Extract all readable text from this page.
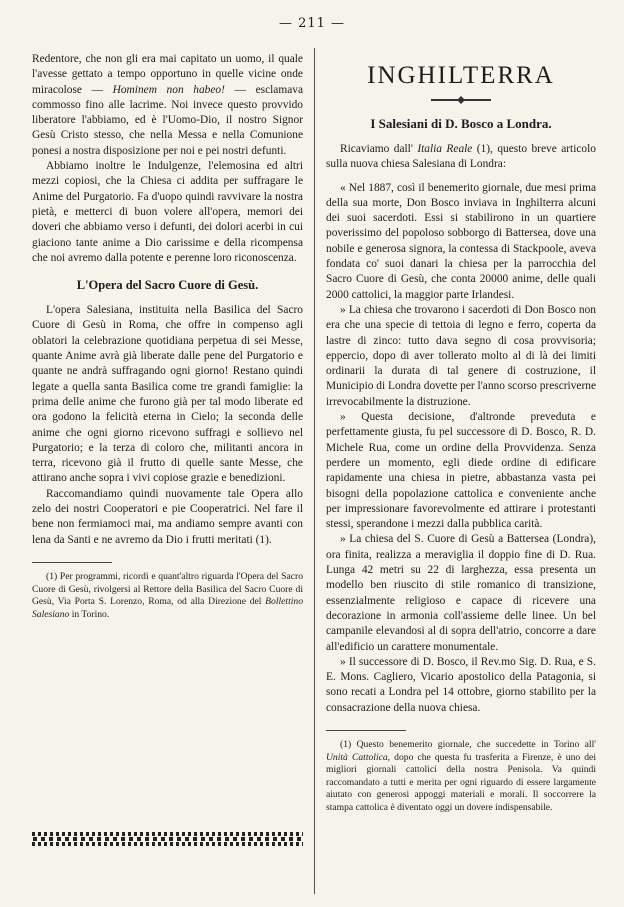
— 211 —

Redentore, che non gli era mai capitato un uomo, il quale l'avesse gettato a tempo opportuno in quelle vicine onde miracolose — Hominem non habeo! — esclamava commosso fino alle lacrime. Noi invece questo provvido liberatore l'abbiamo, ed è l'Uomo-Dio, il nostro Signor Gesù Cristo stesso, che nella Messa e nella Comunione ponesi a nostra disposizione per noi e pei nostri defunti.

Abbiamo inoltre le Indulgenze, l'elemosina ed altri mezzi copiosi, che la Chiesa ci addita per suffragare le Anime del Purgatorio. Fa d'uopo quindi ravvivare la nostra pietà, e metterci di buon volere all'opera, memori dei doveri che abbiamo verso i defunti, dei dolori acerbi in cui giaciono tante anime a Dio carissime e della ricompensa che noi avremo dalla potente e perenne loro riconoscenza.

L'Opera del Sacro Cuore di Gesù.

L'opera Salesiana, instituita nella Basilica del Sacro Cuore di Gesù in Roma, che offre in compenso agli oblatori la celebrazione quotidiana perpetua di sei Messe, quante Anime avrà già liberate dalle pene del Purgatorio e quante ne andrà suffragando ogni giorno! Restano quindi legate a quella santa Basilica come tre grandi famiglie: la prima delle anime che furono già per tal modo liberate ed ora godono la felicità eterna in Cielo; la seconda delle anime che ogni giorno ricevono suffragi e sollievo nel Purgatorio; e la terza di coloro che, militanti ancora in terra, ricevono già il frutto di quelle sante Messe, che attirano anche sopra i vivi copiose grazie e benedizioni.

Raccomandiamo quindi nuovamente tale Opera allo zelo dei nostri Cooperatori e pie Cooperatrici. Nel fare il bene non fermiamoci mai, ma andiamo sempre avanti con lena da Santi e ne avremo da Dio i frutti meritati (1).

(1) Per programmi, ricordi e quant'altro riguarda l'Opera del Sacro Cuore di Gesù, rivolgersi al Rettore della Basilica del Sacro Cuore di Gesù, Via Porta S. Lorenzo, Roma, od alla Direzione del Bollettino Salesiano in Torino.

INGHILTERRA
I Salesiani di D. Bosco a Londra.

Ricaviamo dall' Italia Reale (1), questo breve articolo sulla nuova chiesa Salesiana di Londra:

« Nel 1887, così il benemerito giornale, due mesi prima della sua morte, Don Bosco inviava in Inghilterra alcuni dei suoi sacerdoti. Essi si stabilirono in un quartiere poverissimo del popoloso sobborgo di Battersea, dove una nobile e generosa signora, la contessa di Stackpoole, aveva fondata co' suoi danari la chiesa per la parrocchia del Sacro Cuore di Gesù, che conta 20000 anime, delle quali 2000 cattolici, la maggior parte Irlandesi.

» La chiesa che trovarono i sacerdoti di Don Bosco non era che una specie di tettoia di legno e ferro, coperta da lastre di zinco: tutto dava segno di cosa provvisoria; eppercio, dopo di aver tollerato molto al di là dei limiti ordinarii la durata di tal genere di costruzione, il Municipio di Londra dovette per l'anno scorso prescriverne irrevocabilmente la distruzione.

» Questa decisione, d'altronde preveduta e perfettamente giusta, fu pel successore di D. Bosco, R. D. Michele Rua, come un ordine della Provvidenza. Senza perdere un momento, egli diede ordine di edificare rapidamente una chiesa in pietre, abbastanza vasta pei bisogni della popolazione cattolica e conveniente anche per impressionare favorevolmente ed attirare i protestanti stessi, sperandone i mezzi dalla pubblica carità.

» La chiesa del S. Cuore di Gesù a Battersea (Londra), ora finita, realizza a meraviglia il doppio fine di D. Rua. Lunga 42 metri su 22 di larghezza, essa presenta un modello ben riuscito di stile romanico di transizione, essenzialmente religioso e capace di ricevere una decorazione in armonia coll'assieme delle linee. Un bel campanile elevandosi al di sopra dell'atrio, concorre a dare all'edificio un carattere monumentale.

» Il successore di D. Bosco, il Rev.mo Sig. D. Rua, e S. E. Mons. Cagliero, Vicario apostolico della Patagonia, si sono recati a Londra pel 14 ottobre, giorno stabilito per la consacrazione della nuova chiesa.

(1) Questo benemerito giornale, che succedette in Torino all' Unità Cattolica, dopo che questa fu trasferita a Firenze, è uno dei migliori giornali cattolici della nostra Penisola. Va quindi raccomandato a tutti e merita per ogni riguardo di essere largamente aiutato con generosi appoggi materiali e morali. Il soccorrere la stampa cattolica è diventato oggi un dovere indispensabile.
